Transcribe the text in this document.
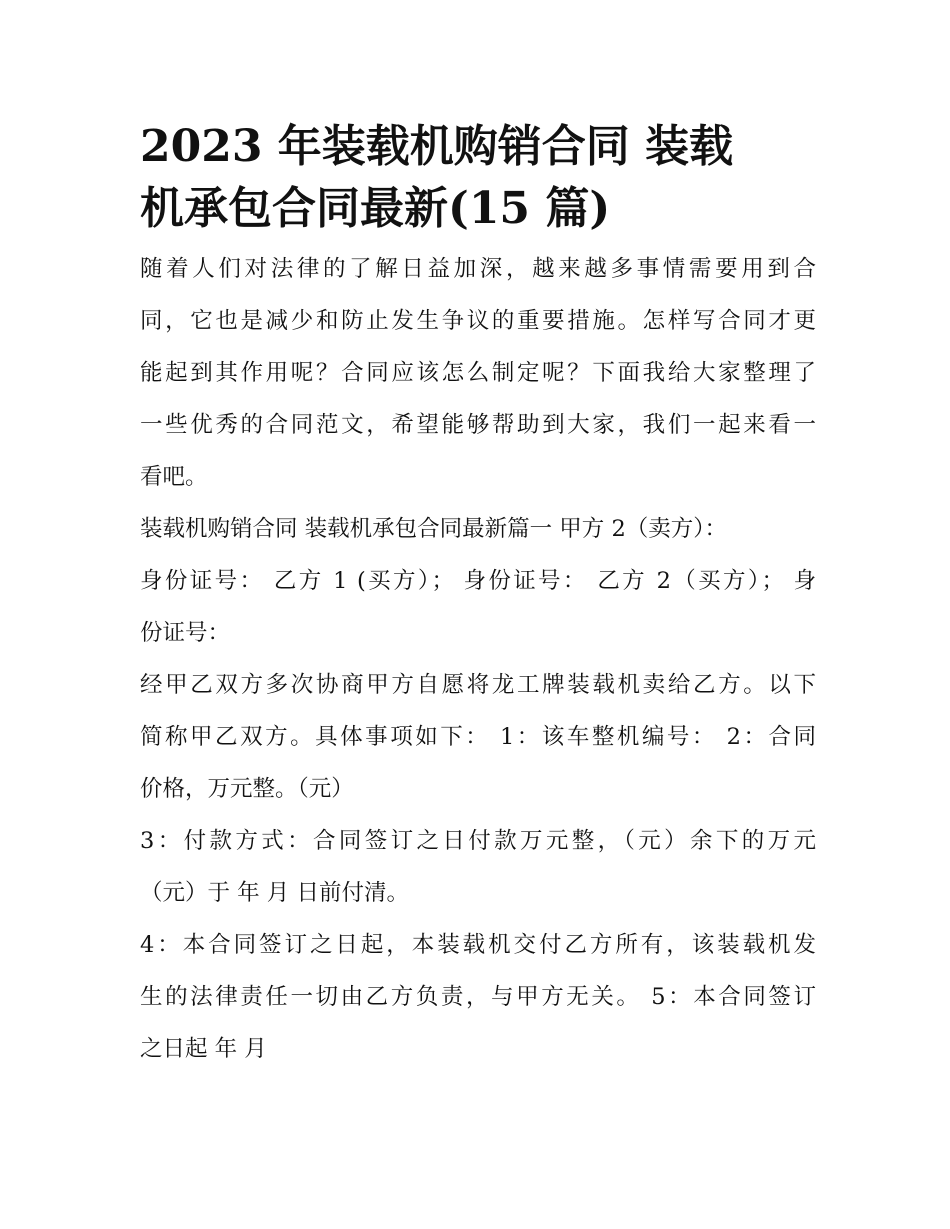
2023 年装载机购销合同 装载
机承包合同最新(15 篇)
随着人们对法律的了解日益加深，越来越多事情需要用到合
同，它也是减少和防止发生争议的重要措施。怎样写合同才更
能起到其作用呢？合同应该怎么制定呢？下面我给大家整理了
一些优秀的合同范文，希望能够帮助到大家，我们一起来看一
看吧。
装载机购销合同 装载机承包合同最新篇一 甲方 2（卖方）：
身份证号： 乙方 1 (买方）； 身份证号： 乙方 2（买方）； 身
份证号：
经甲乙双方多次协商甲方自愿将龙工牌装载机卖给乙方。以下
简称甲乙双方。具体事项如下： 1：该车整机编号： 2：合同
价格，万元整。（元）
3：付款方式：合同签订之日付款万元整，（元）余下的万元
（元）于 年 月 日前付清。
4：本合同签订之日起，本装载机交付乙方所有，该装载机发
生的法律责任一切由乙方负责，与甲方无关。 5：本合同签订
之日起 年 月
